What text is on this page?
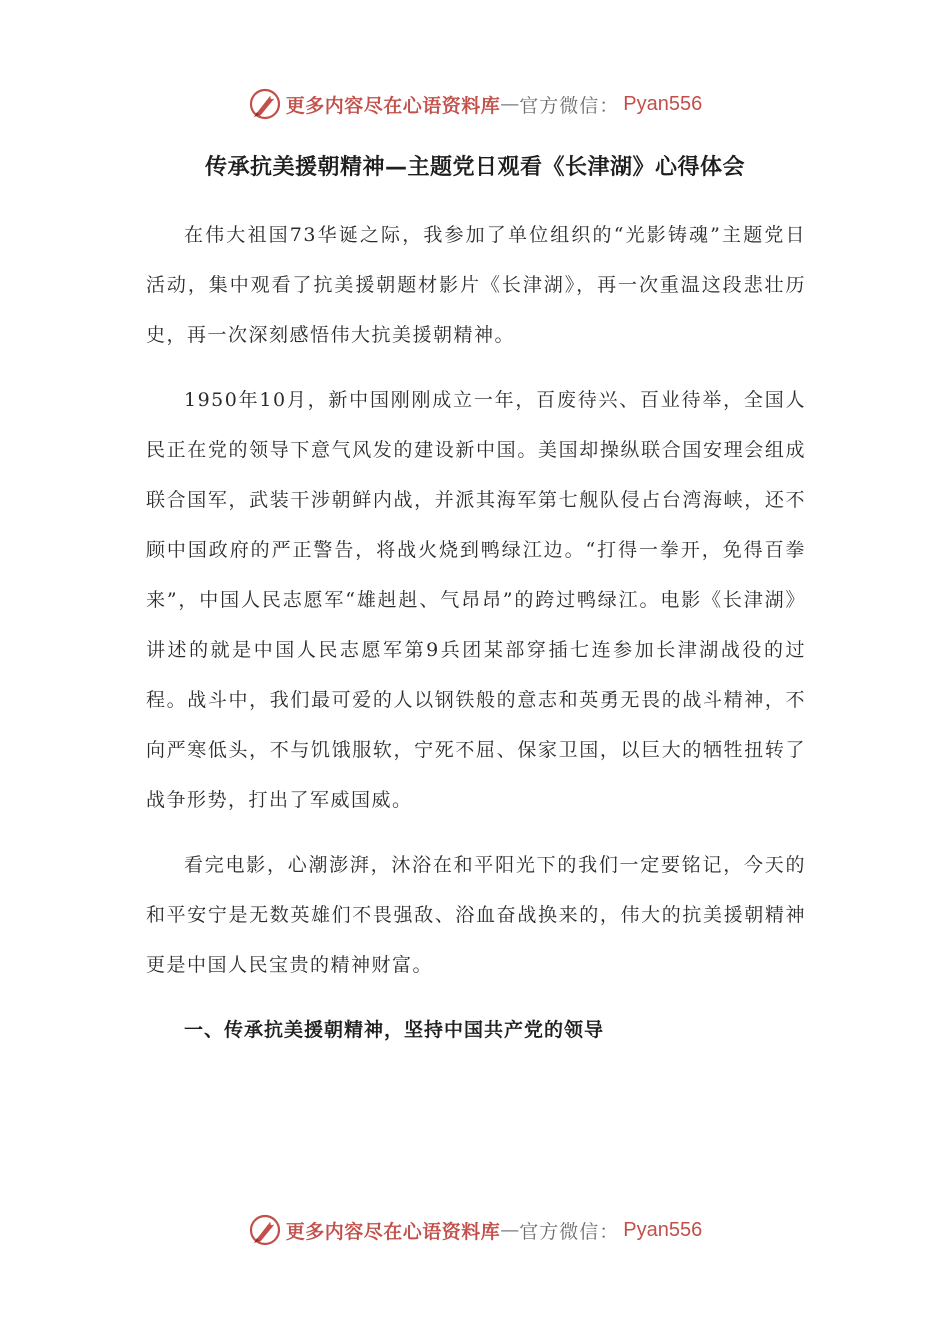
更多内容尽在心语资料库 — 官方微信： Pyan556
传承抗美援朝精神—主题党日观看《长津湖》心得体会

在伟大祖国73华诞之际，我参加了单位组织的“光影铸魂”主题党日活动，集中观看了抗美援朝题材影片《长津湖》，再一次重温这段悲壮历史，再一次深刻感悟伟大抗美援朝精神。

1950年10月，新中国刚刚成立一年，百废待兴、百业待举，全国人民正在党的领导下意气风发的建设新中国。美国却操纵联合国安理会组成联合国军，武装干涉朝鲜内战，并派其海军第七舰队侵占台湾海峡，还不顾中国政府的严正警告，将战火烧到鸭绿江边。“打得一拳开，免得百拳来”，中国人民志愿军“雄赳赳、气昂昂”的跨过鸭绿江。电影《长津湖》讲述的就是中国人民志愿军第9兵团某部穿插七连参加长津湖战役的过程。战斗中，我们最可爱的人以钢铁般的意志和英勇无畏的战斗精神，不向严寒低头，不与饥饿服软，宁死不屈、保家卫国，以巨大的牺牲扭转了战争形势，打出了军威国威。

看完电影，心潮澎湃，沐浴在和平阳光下的我们一定要铭记，今天的和平安宁是无数英雄们不畏强敌、浴血奋战换来的，伟大的抗美援朝精神更是中国人民宝贵的精神财富。

一、传承抗美援朝精神，坚持中国共产党的领导

更多内容尽在心语资料库 — 官方微信： Pyan556
